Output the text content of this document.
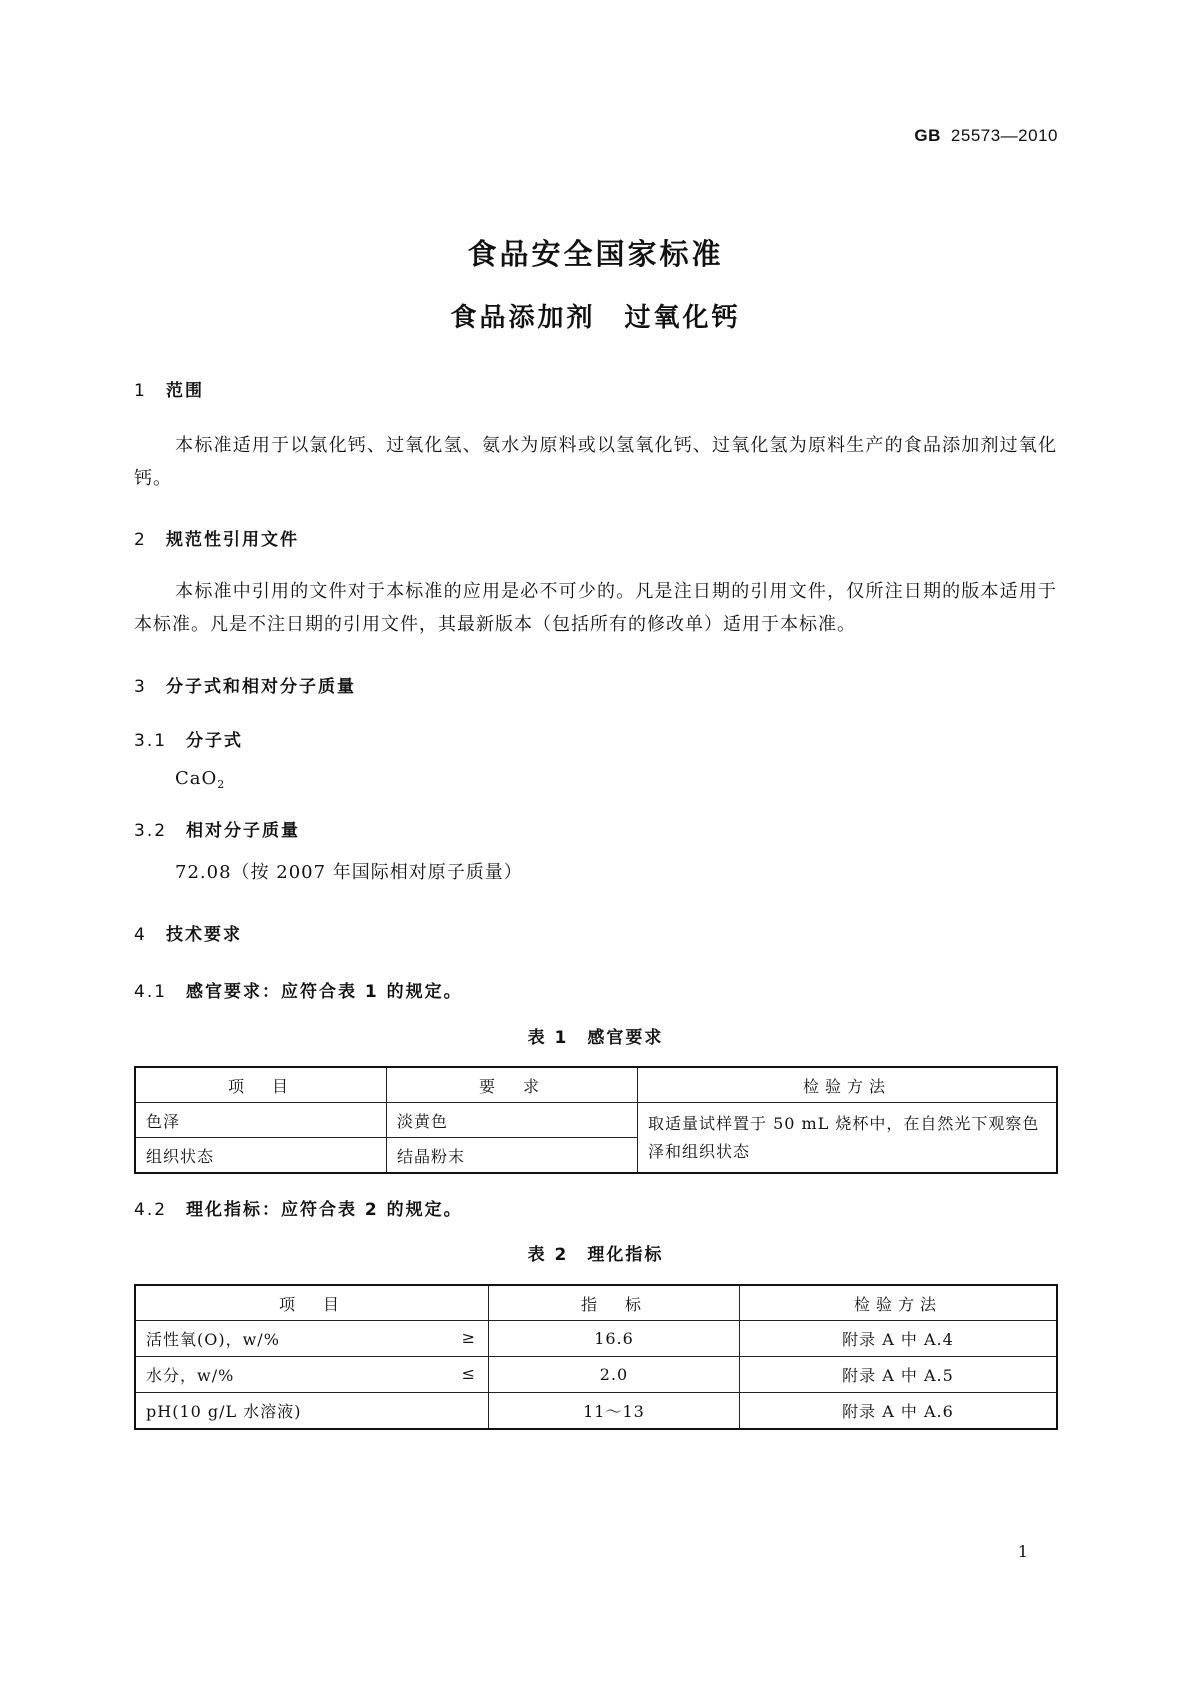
GB 25573—2010
食品安全国家标准
食品添加剂　过氧化钙
1 范围
本标准适用于以氯化钙、过氧化氢、氨水为原料或以氢氧化钙、过氧化氢为原料生产的食品添加剂过氧化钙。
2 规范性引用文件
本标准中引用的文件对于本标准的应用是必不可少的。凡是注日期的引用文件，仅所注日期的版本适用于本标准。凡是不注日期的引用文件，其最新版本（包括所有的修改单）适用于本标准。
3 分子式和相对分子质量
3.1 分子式
CaO$_2$
3.2 相对分子质量
72.08（按 2007 年国际相对原子质量）
4 技术要求
4.1 感官要求：应符合表 1 的规定。
表 1　感官要求
项　目	要　求	检验方法
色泽	淡黄色	取适量试样置于 50 mL 烧杯中，在自然光下观察色泽和组织状态
组织状态	结晶粉末	
4.2 理化指标：应符合表 2 的规定。
表 2　理化指标
项　目	指　标	检验方法
活性氧(O)，w/% ≥	16.6	附录 A 中 A.4
水分，w/% ≤	2.0	附录 A 中 A.5
pH(10 g/L 水溶液)	11～13	附录 A 中 A.6
1
